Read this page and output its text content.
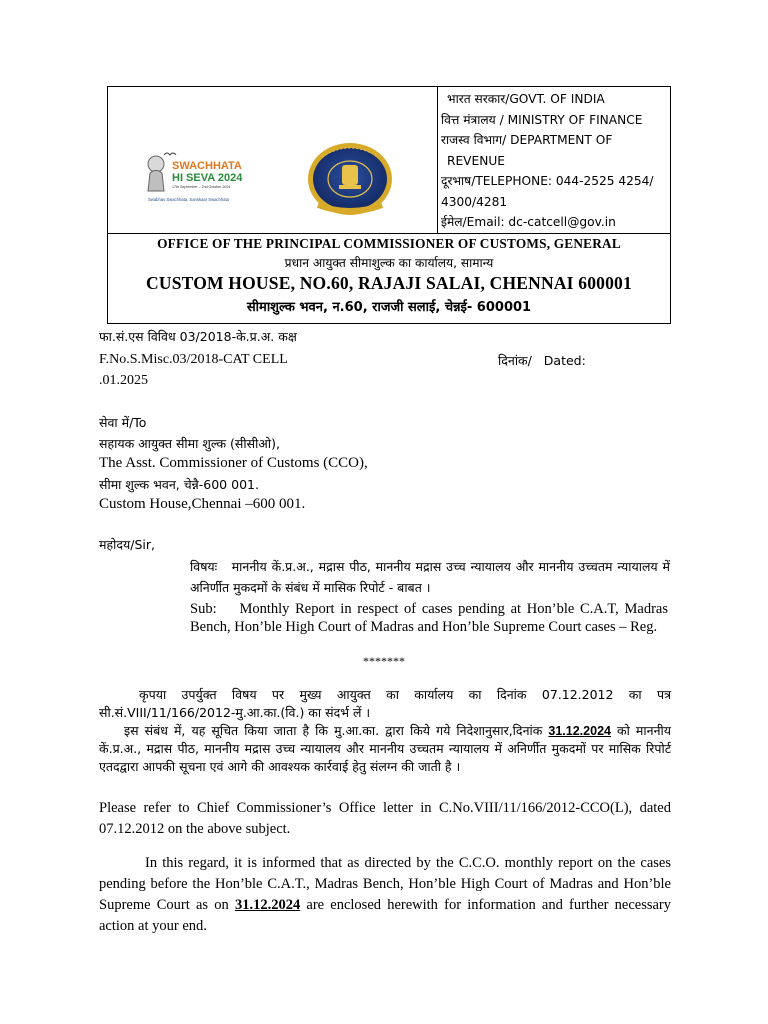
SWACHHATA
HI SEVA 2024
17th September – 2nd October 2024
Swabhav Swachhata, Sanskaar Swachhata
भारत सरकार/GOVT. OF INDIA
वित्त मंत्रालय / MINISTRY OF FINANCE
राजस्व विभाग/ DEPARTMENT OF
REVENUE
दूरभाष/TELEPHONE: 044-2525 4254/
4300/4281
ईमेल/Email: dc-catcell@gov.in
OFFICE OF THE PRINCIPAL COMMISSIONER OF CUSTOMS, GENERAL
प्रधान आयुक्त सीमाशुल्क का कार्यालय, सामान्य
CUSTOM HOUSE, NO.60, RAJAJI SALAI, CHENNAI 600001
सीमाशुल्क भवन, न.60, राजजी सलाई, चेन्नई- 600001
फा.सं.एस विविध 03/2018-के.प्र.अ. कक्ष
F.No.S.Misc.03/2018-CAT CELL	दिनांक/   Dated:
.01.2025
सेवा में/To
सहायक आयुक्त सीमा शुल्क (सीसीओ),
The Asst. Commissioner of Customs (CCO),
सीमा शुल्क भवन, चेन्नै-600 001.
Custom House,Chennai –600 001.
महोदय/Sir,
विषयः माननीय कें.प्र.अ., मद्रास पीठ, माननीय मद्रास उच्च न्यायालय और माननीय उच्चतम न्यायालय में अनिर्णीत मुकदमों के संबंध में मासिक रिपोर्ट - बाबत ।
Sub: Monthly Report in respect of cases pending at Hon’ble C.A.T, Madras Bench, Hon’ble High Court of Madras and Hon’ble Supreme Court cases – Reg.
*******
कृपया उपर्युक्त विषय पर मुख्य आयुक्त का कार्यालय का दिनांक 07.12.2012 का पत्र सी.सं.VIII/11/166/2012-मु.आ.का.(वि.) का संदर्भ लें ।
इस संबंध में, यह सूचित किया जाता है कि मु.आ.का. द्वारा किये गये निदेशानुसार,दिनांक 31.12.2024 को माननीय कें.प्र.अ., मद्रास पीठ, माननीय मद्रास उच्च न्यायालय और माननीय उच्चतम न्यायालय में अनिर्णीत मुकदमों पर मासिक रिपोर्ट एतदद्वारा आपकी सूचना एवं आगे की आवश्यक कार्रवाई हेतु संलग्न की जाती है ।
Please refer to Chief Commissioner’s Office letter in C.No.VIII/11/166/2012-CCO(L), dated 07.12.2012 on the above subject.
In this regard, it is informed that as directed by the C.C.O. monthly report on the cases pending before the Hon’ble C.A.T., Madras Bench, Hon’ble High Court of Madras and Hon’ble Supreme Court as on 31.12.2024 are enclosed herewith for information and further necessary action at your end.
